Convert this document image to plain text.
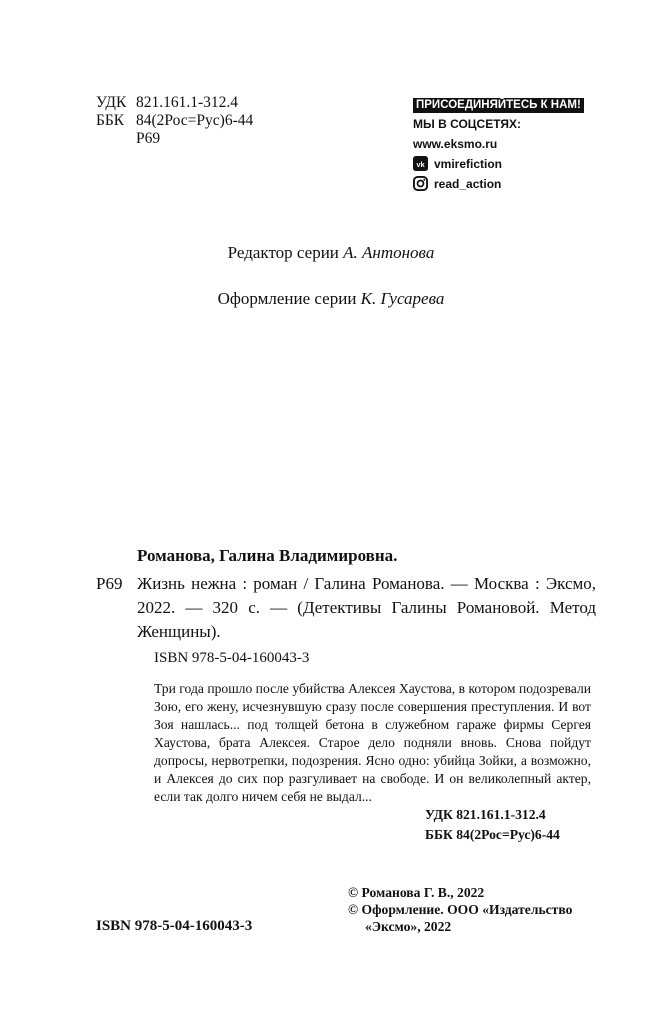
УДК 821.161.1-312.4
ББК 84(2Рос=Рус)6-44
Р69
ПРИСОЕДИНЯЙТЕСЬ К НАМ!
МЫ В СОЦСЕТЯХ:
www.eksmo.ru
vk vmirefiction
read_action
Редактор серии А. Антонова
Оформление серии К. Гусарева
Романова, Галина Владимировна.
Р69 Жизнь нежна : роман / Галина Романова. — Москва : Эксмо, 2022. — 320 с. — (Детективы Галины Романовой. Метод Женщины).
ISBN 978-5-04-160043-3

Три года прошло после убийства Алексея Хаустова, в котором подозревали Зою, его жену, исчезнувшую сразу после совершения преступления. И вот Зоя нашлась... под толщей бетона в служебном гараже фирмы Сергея Хаустова, брата Алексея. Старое дело подняли вновь. Снова пойдут допросы, нервотрепки, подозрения. Ясно одно: убийца Зойки, а возможно, и Алексея до сих пор разгуливает на свободе. И он великолепный актер, если так долго ничем себя не выдал...

УДК 821.161.1-312.4
ББК 84(2Рос=Рус)6-44
© Романова Г. В., 2022
© Оформление. ООО «Издательство
«Эксмо», 2022
ISBN 978-5-04-160043-3
